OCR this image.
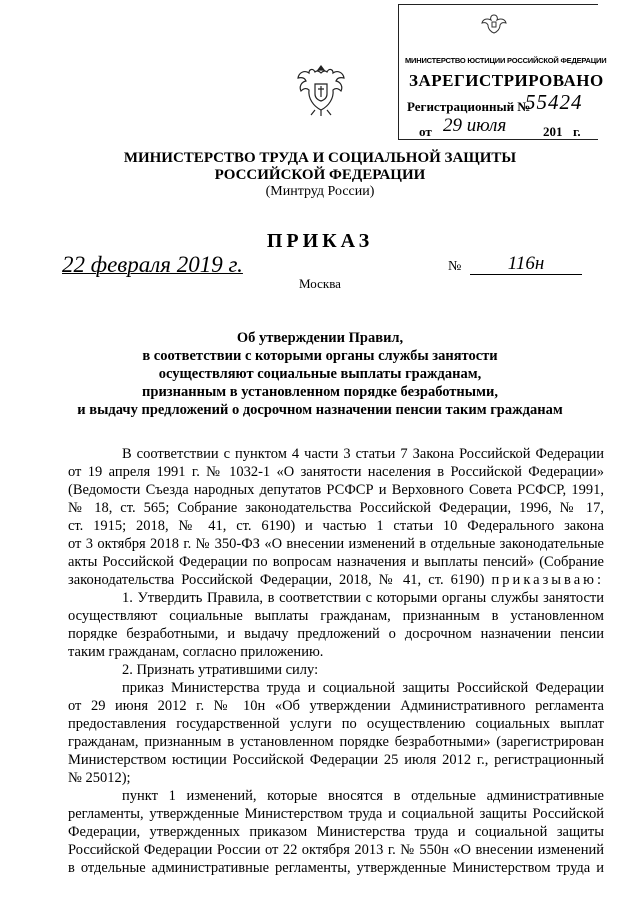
МИНИСТЕРСТВО ЮСТИЦИИ РОССИЙСКОЙ ФЕДЕРАЦИИ
ЗАРЕГИСТРИРОВАНО
Регистрационный №
55424
от 29 июля	201 г.
МИНИСТЕРСТВО ТРУДА И СОЦИАЛЬНОЙ ЗАЩИТЫ
РОССИЙСКОЙ ФЕДЕРАЦИИ
(Минтруд России)
ПРИКАЗ
22 февраля 2019 г.	№	116н
Москва
Об утверждении Правил,
в соответствии с которыми органы службы занятости
осуществляют социальные выплаты гражданам,
признанным в установленном порядке безработными,
и выдачу предложений о досрочном назначении пенсии таким гражданам
В соответствии с пунктом 4 части 3 статьи 7 Закона Российской Федерации
от 19 апреля 1991 г. № 1032-1 «О занятости населения в Российской Федерации»
(Ведомости Съезда народных депутатов РСФСР и Верховного Совета РСФСР, 1991,
№ 18, ст. 565; Собрание законодательства Российской Федерации, 1996, № 17,
ст. 1915; 2018, № 41, ст. 6190) и частью 1 статьи 10 Федерального закона
от 3 октября 2018 г. № 350-ФЗ «О внесении изменений в отдельные законодательные
акты Российской Федерации по вопросам назначения и выплаты пенсий» (Собрание
законодательства Российской Федерации, 2018, № 41, ст. 6190) приказываю:
1. Утвердить Правила, в соответствии с которыми органы службы занятости
осуществляют социальные выплаты гражданам, признанным в установленном
порядке безработными, и выдачу предложений о досрочном назначении пенсии
таким гражданам, согласно приложению.
2. Признать утратившими силу:
приказ Министерства труда и социальной защиты Российской Федерации
от 29 июня 2012 г. № 10н «Об утверждении Административного регламента
предоставления государственной услуги по осуществлению социальных выплат
гражданам, признанным в установленном порядке безработными» (зарегистрирован
Министерством юстиции Российской Федерации 25 июля 2012 г., регистрационный
№ 25012);
пункт 1 изменений, которые вносятся в отдельные административные
регламенты, утвержденные Министерством труда и социальной защиты Российской
Федерации, утвержденных приказом Министерства труда и социальной защиты
Российской Федерации России от 22 октября 2013 г. № 550н «О внесении изменений
в отдельные административные регламенты, утвержденные Министерством труда и
